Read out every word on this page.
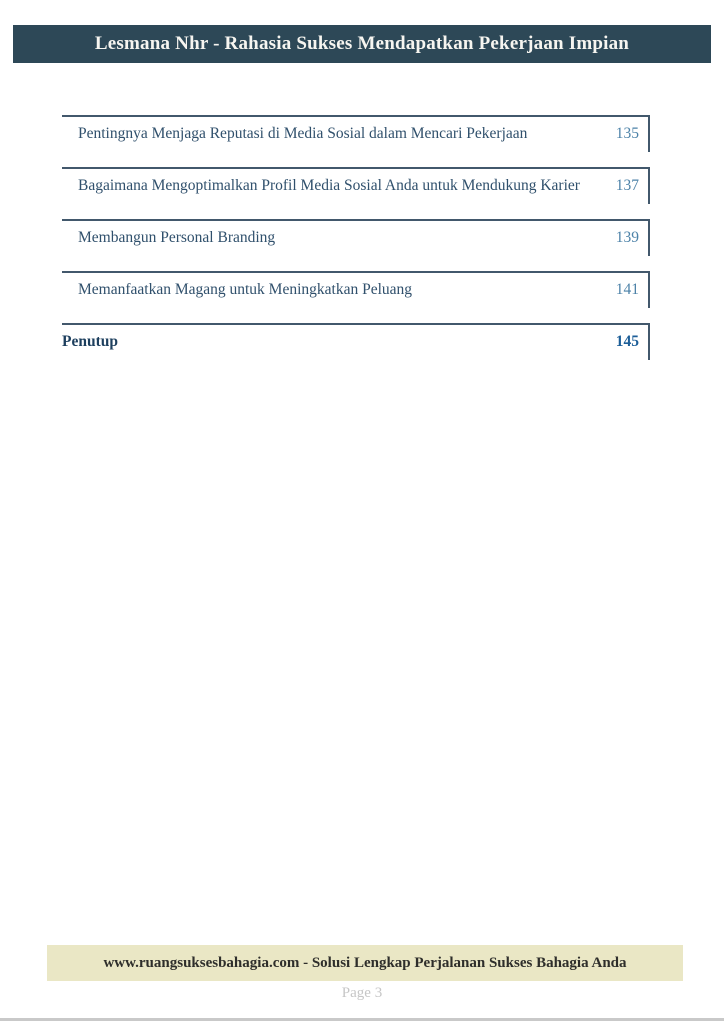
Lesmana Nhr - Rahasia Sukses Mendapatkan Pekerjaan Impian
135
Pentingnya Menjaga Reputasi di Media Sosial dalam Mencari Pekerjaan
137
Bagaimana Mengoptimalkan Profil Media Sosial Anda untuk Mendukung Karier
139
Membangun Personal Branding
141
Memanfaatkan Magang untuk Meningkatkan Peluang
145
Penutup
www.ruangsuksesbahagia.com - Solusi Lengkap Perjalanan Sukses Bahagia Anda
Page 3
